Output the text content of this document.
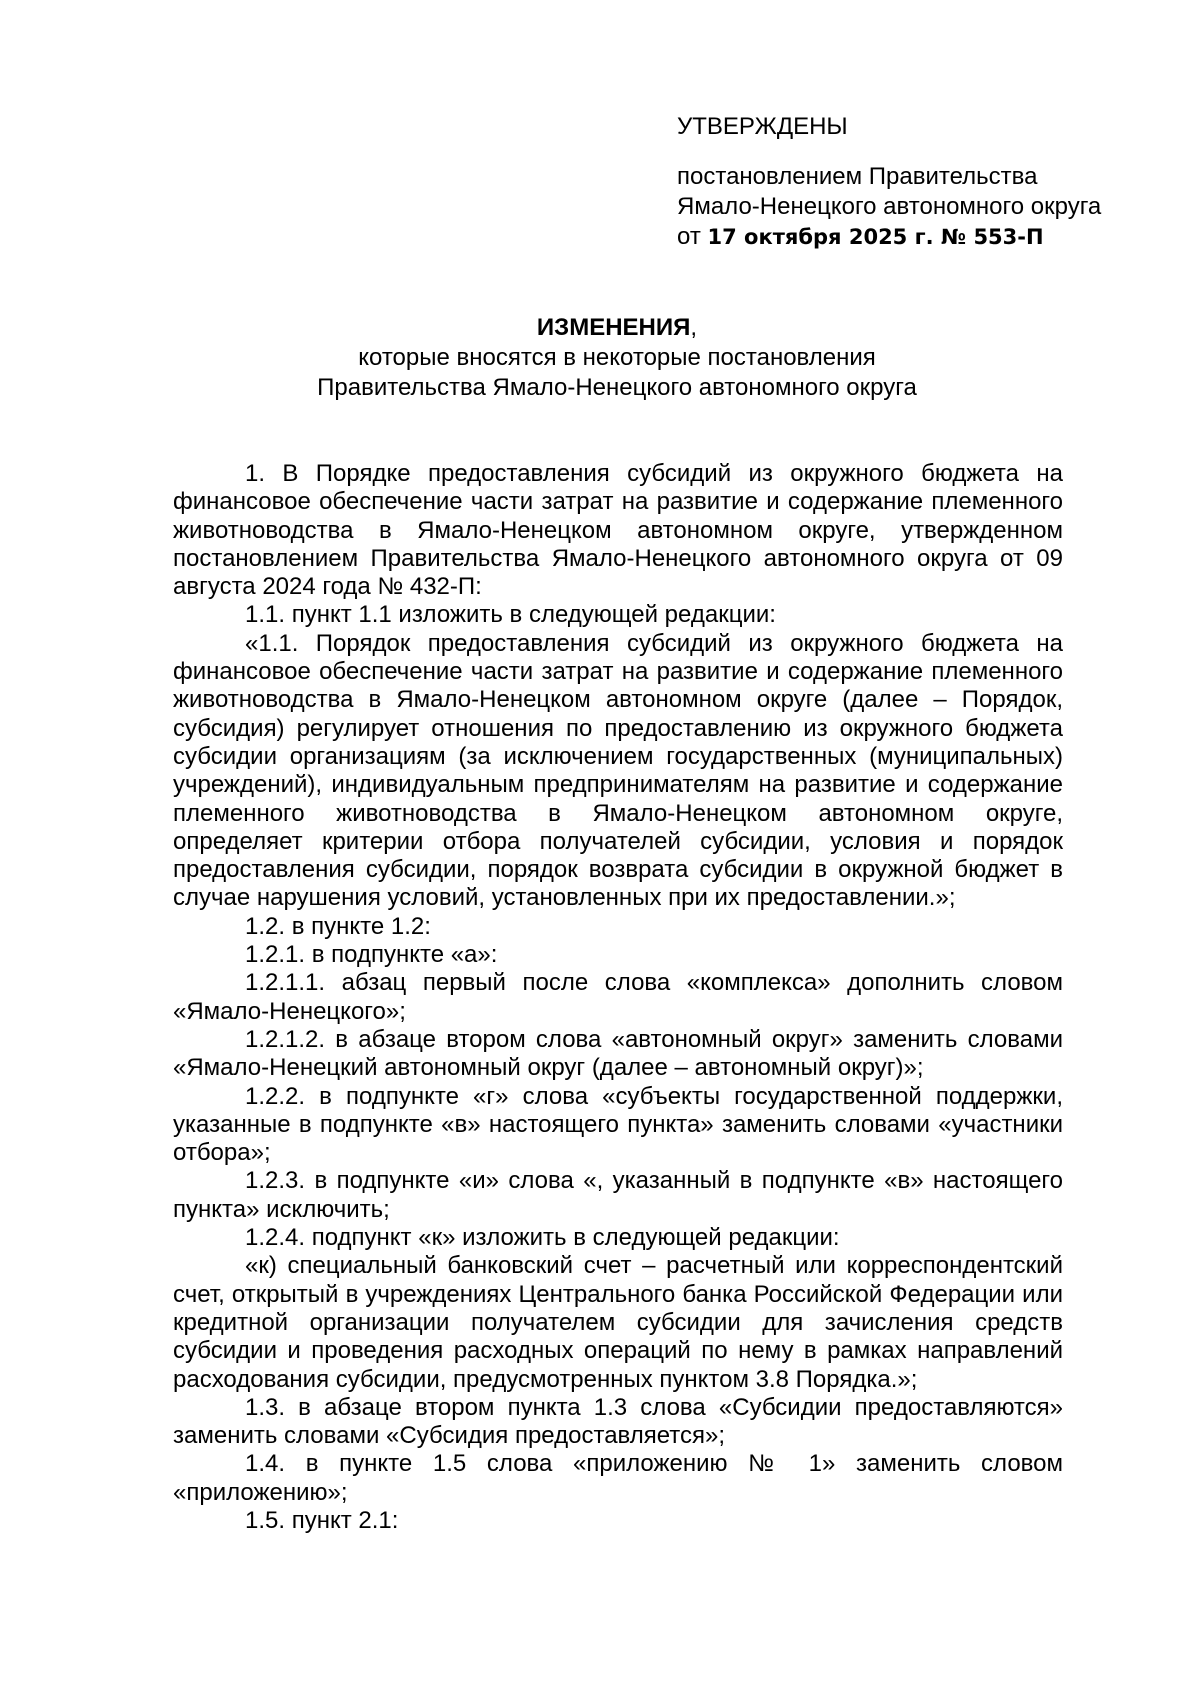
УТВЕРЖДЕНЫ
постановлением Правительства
Ямало-Ненецкого автономного округа
от 17 октября 2025 г. № 553-П
ИЗМЕНЕНИЯ,
которые вносятся в некоторые постановления
Правительства Ямало-Ненецкого автономного округа

1. В Порядке предоставления субсидий из окружного бюджета на финансовое обеспечение части затрат на развитие и содержание племенного животноводства в Ямало-Ненецком автономном округе, утвержденном постановлением Правительства Ямало-Ненецкого автономного округа от 09 августа 2024 года № 432-П:

1.1. пункт 1.1 изложить в следующей редакции:

«1.1. Порядок предоставления субсидий из окружного бюджета на финансовое обеспечение части затрат на развитие и содержание племенного животноводства в Ямало-Ненецком автономном округе (далее – Порядок, субсидия) регулирует отношения по предоставлению из окружного бюджета субсидии организациям (за исключением государственных (муниципальных) учреждений), индивидуальным предпринимателям на развитие и содержание племенного животноводства в Ямало-Ненецком автономном округе, определяет критерии отбора получателей субсидии, условия и порядок предоставления субсидии, порядок возврата субсидии в окружной бюджет в случае нарушения условий, установленных при их предоставлении.»;

1.2. в пункте 1.2:

1.2.1. в подпункте «а»:

1.2.1.1. абзац первый после слова «комплекса» дополнить словом «Ямало-Ненецкого»;

1.2.1.2. в абзаце втором слова «автономный округ» заменить словами «Ямало-Ненецкий автономный округ (далее – автономный округ)»;

1.2.2. в подпункте «г» слова «субъекты государственной поддержки, указанные в подпункте «в» настоящего пункта» заменить словами «участники отбора»;

1.2.3. в подпункте «и» слова «, указанный в подпункте «в» настоящего пункта» исключить;

1.2.4. подпункт «к» изложить в следующей редакции:

«к) специальный банковский счет – расчетный или корреспондентский счет, открытый в учреждениях Центрального банка Российской Федерации или кредитной организации получателем субсидии для зачисления средств субсидии и проведения расходных операций по нему в рамках направлений расходования субсидии, предусмотренных пунктом 3.8 Порядка.»;

1.3. в абзаце втором пункта 1.3 слова «Субсидии предоставляются» заменить словами «Субсидия предоставляется»;

1.4. в пункте 1.5 слова «приложению № 1» заменить словом «приложению»;

1.5. пункт 2.1:
